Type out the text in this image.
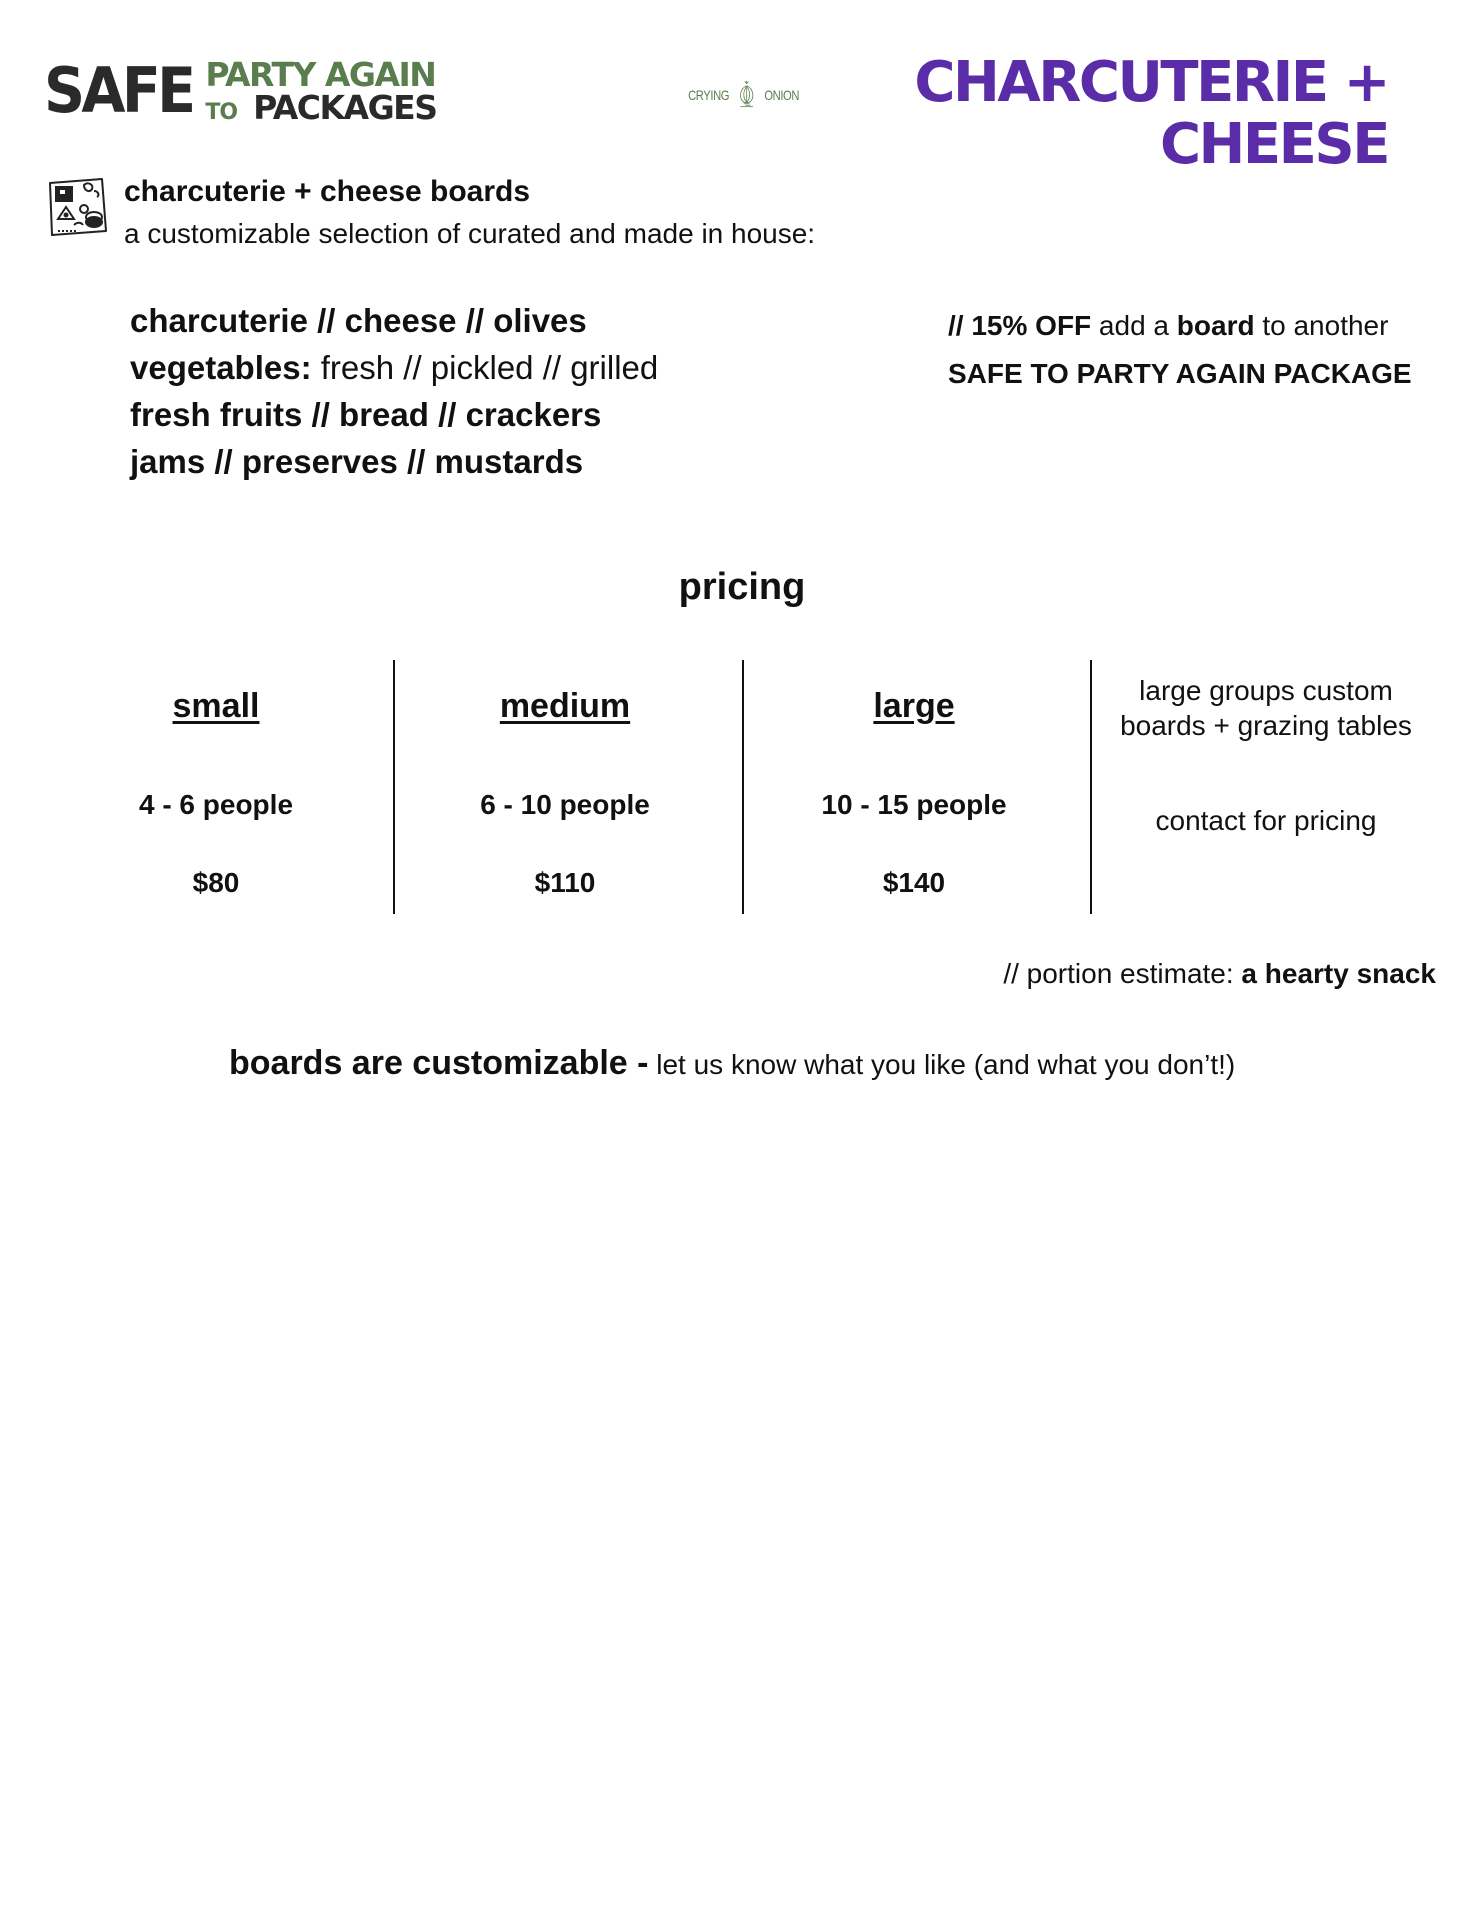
SAFE PARTY AGAIN
TO PACKAGES	CRYING ONION CHARCUTERIE +
CHEESE
charcuterie + cheese boards
a customizable selection of curated and made in house:
charcuterie // cheese // olives
vegetables: fresh // pickled // grilled
fresh fruits // bread // crackers
jams // preserves // mustards
// 15% OFF add a board to another
SAFE TO PARTY AGAIN PACKAGE
pricing
small
4 - 6 people
$80
medium
6 - 10 people
$110
large
10 - 15 people
$140
large groups custom
boards + grazing tables
contact for pricing
// portion estimate: a hearty snack
boards are customizable - let us know what you like (and what you don’t!)
